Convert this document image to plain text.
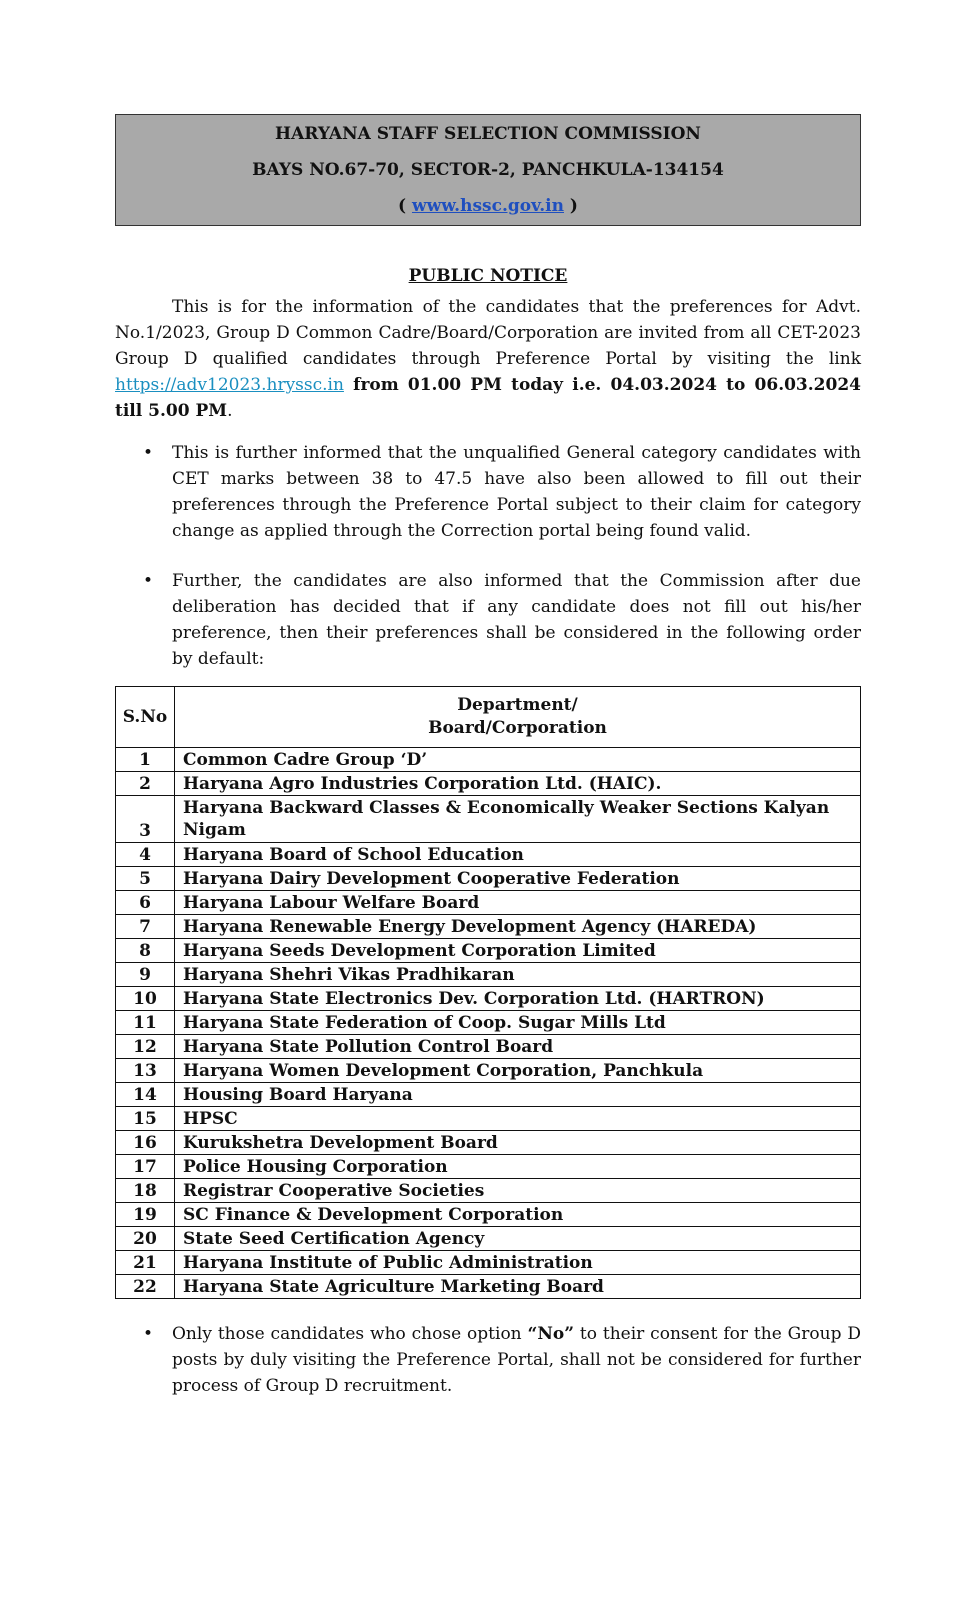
HARYANA STAFF SELECTION COMMISSION
BAYS NO.67-70, SECTOR-2, PANCHKULA-134154
( www.hssc.gov.in )
PUBLIC NOTICE

This is for the information of the candidates that the preferences for Advt. No.1/2023, Group D Common Cadre/Board/Corporation are invited from all CET-2023 Group D qualified candidates through Preference Portal by visiting the link https://adv12023.hryssc.in from 01.00 PM today i.e. 04.03.2024 to 06.03.2024 till 5.00 PM.

• This is further informed that the unqualified General category candidates with CET marks between 38 to 47.5 have also been allowed to fill out their preferences through the Preference Portal subject to their claim for category change as applied through the Correction portal being found valid.
• Further, the candidates are also informed that the Commission after due deliberation has decided that if any candidate does not fill out his/her preference, then their preferences shall be considered in the following order by default:
S.No	Department/
Board/Corporation
1	Common Cadre Group ‘D’
2	Haryana Agro Industries Corporation Ltd. (HAIC).
3	Haryana Backward Classes & Economically Weaker Sections Kalyan Nigam
4	Haryana Board of School Education
5	Haryana Dairy Development Cooperative Federation
6	Haryana Labour Welfare Board
7	Haryana Renewable Energy Development Agency (HAREDA)
8	Haryana Seeds Development Corporation Limited
9	Haryana Shehri Vikas Pradhikaran
10	Haryana State Electronics Dev. Corporation Ltd. (HARTRON)
11	Haryana State Federation of Coop. Sugar Mills Ltd
12	Haryana State Pollution Control Board
13	Haryana Women Development Corporation, Panchkula
14	Housing Board Haryana
15	HPSC
16	Kurukshetra Development Board
17	Police Housing Corporation
18	Registrar Cooperative Societies
19	SC Finance & Development Corporation
20	State Seed Certification Agency
21	Haryana Institute of Public Administration
22	Haryana State Agriculture Marketing Board
• Only those candidates who chose option “No” to their consent for the Group D posts by duly visiting the Preference Portal, shall not be considered for further process of Group D recruitment.
